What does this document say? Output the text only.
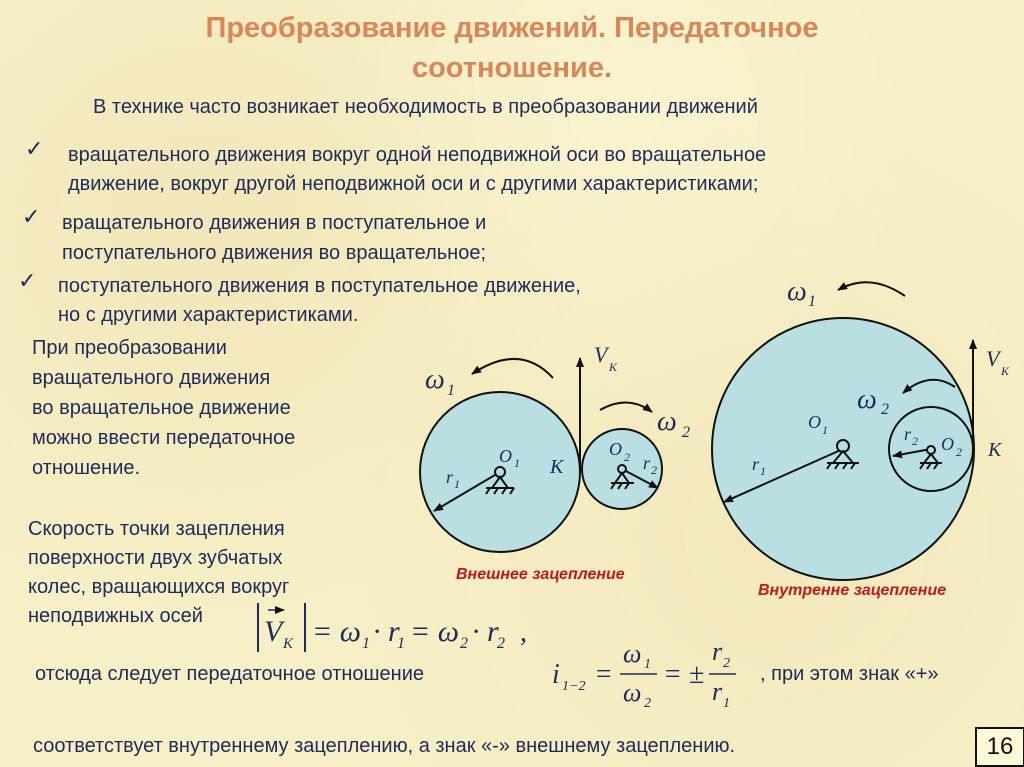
Преобразование движений. Передаточное
соотношение.
В технике часто возникает необходимость в преобразовании движений
✓ вращательного движения вокруг одной неподвижной оси во вращательное
движение, вокруг другой неподвижной оси и с другими характеристиками;
✓ вращательного движения в поступательное и
поступательного движения во вращательное;
✓ поступательного движения в поступательное движение,
но с другими характеристиками.
При преобразовании
вращательного движения
во вращательное движение
можно ввести передаточное
отношение.
Скорость точки зацепления
поверхности двух зубчатых
колес, вращающихся вокруг
неподвижных осей
отсюда следует передаточное отношение	, при этом знак «+»
соответствует внутреннему зацеплению, а знак «-» внешнему зацеплению.
Внешнее зацепление
Внутренне зацепление
16
ω 1
ω 2
V K
O 1
O 2
r 1
r 2
K
ω 1
ω 2
V K
O 1
O 2
r 1
r 2	K
V K = ω 1 · r
1 = ω 2 · r
2 ,
i 1−2 =
ω 1
ω 2
= ±
r 2
r 1
